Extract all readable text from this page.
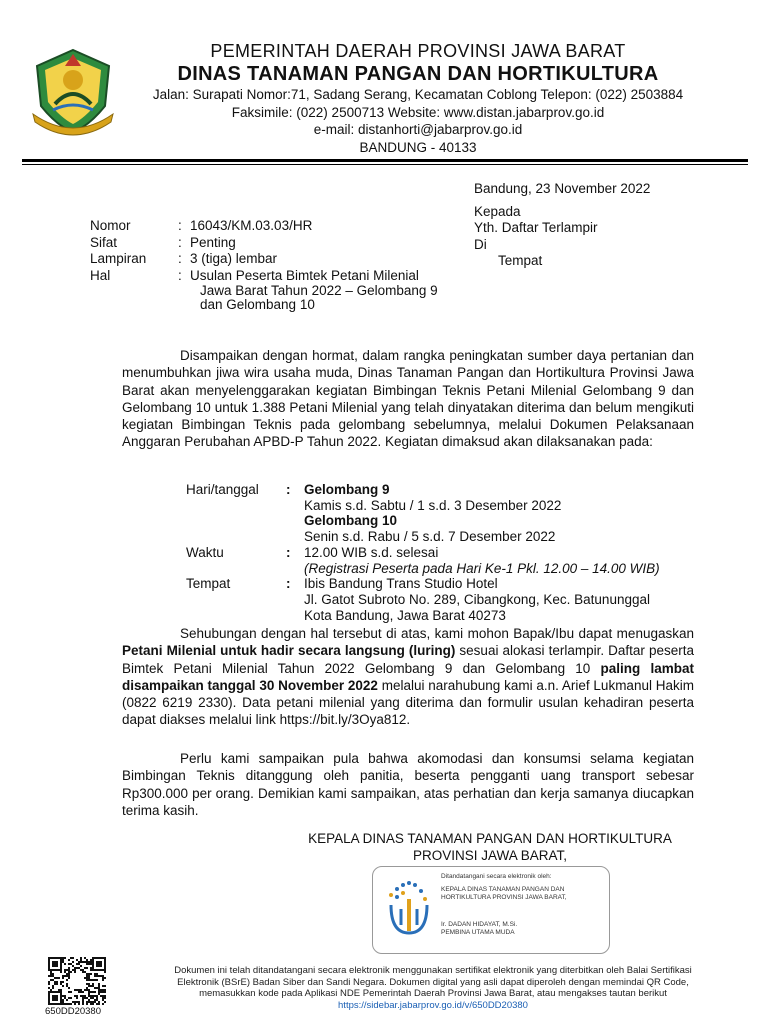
PEMERINTAH DAERAH PROVINSI JAWA BARAT
DINAS TANAMAN PANGAN DAN HORTIKULTURA
Jalan: Surapati Nomor:71, Sadang Serang, Kecamatan Coblong Telepon: (022) 2503884
Faksimile: (022) 2500713 Website: www.distan.jabarprov.go.id
e-mail: distanhorti@jabarprov.go.id
BANDUNG - 40133
Bandung, 23 November 2022
Kepada
Yth. Daftar Terlampir
Di
Tempat
Nomor	: 16043/KM.03.03/HR
Sifat	: Penting
Lampiran	: 3 (tiga) lembar
Hal	: Usulan Peserta Bimtek Petani Milenial
Jawa Barat Tahun 2022 – Gelombang 9
dan Gelombang 10
Disampaikan dengan hormat, dalam rangka peningkatan sumber daya pertanian dan menumbuhkan jiwa wira usaha muda, Dinas Tanaman Pangan dan Hortikultura Provinsi Jawa Barat akan menyelenggarakan kegiatan Bimbingan Teknis Petani Milenial Gelombang 9 dan Gelombang 10 untuk 1.388 Petani Milenial yang telah dinyatakan diterima dan belum mengikuti kegiatan Bimbingan Teknis pada gelombang sebelumnya, melalui Dokumen Pelaksanaan Anggaran Perubahan APBD-P Tahun 2022. Kegiatan dimaksud akan dilaksanakan pada:
Hari/tanggal	:	Gelombang 9
Kamis s.d. Sabtu / 1 s.d. 3 Desember 2022
Gelombang 10
Senin s.d. Rabu / 5 s.d. 7 Desember 2022
Waktu	:	12.00 WIB s.d. selesai
(Registrasi Peserta pada Hari Ke-1 Pkl. 12.00 – 14.00 WIB)
Tempat	:	Ibis Bandung Trans Studio Hotel
Jl. Gatot Subroto No. 289, Cibangkong, Kec. Batununggal
Kota Bandung, Jawa Barat 40273
Sehubungan dengan hal tersebut di atas, kami mohon Bapak/Ibu dapat menugaskan Petani Milenial untuk hadir secara langsung (luring) sesuai alokasi terlampir. Daftar peserta Bimtek Petani Milenial Tahun 2022 Gelombang 9 dan Gelombang 10 paling lambat disampaikan tanggal 30 November 2022 melalui narahubung kami a.n. Arief Lukmanul Hakim (0822 6219 2330). Data petani milenial yang diterima dan formulir usulan kehadiran peserta dapat diakses melalui link https://bit.ly/3Oya812.
Perlu kami sampaikan pula bahwa akomodasi dan konsumsi selama kegiatan Bimbingan Teknis ditanggung oleh panitia, beserta pengganti uang transport sebesar Rp300.000 per orang. Demikian kami sampaikan, atas perhatian dan kerja samanya diucapkan terima kasih.
KEPALA DINAS TANAMAN PANGAN DAN HORTIKULTURA
PROVINSI JAWA BARAT,
Ditandatangani secara elektronik oleh:
KEPALA DINAS TANAMAN PANGAN DAN
HORTIKULTURA PROVINSI JAWA BARAT,
Ir. DADAN HIDAYAT, M.Si.
PEMBINA UTAMA MUDA
650DD20380
Dokumen ini telah ditandatangani secara elektronik menggunakan sertifikat elektronik yang diterbitkan oleh Balai Sertifikasi
Elektronik (BSrE) Badan Siber dan Sandi Negara. Dokumen digital yang asli dapat diperoleh dengan memindai QR Code,
memasukkan kode pada Aplikasi NDE Pemerintah Daerah Provinsi Jawa Barat, atau mengakses tautan berikut
https://sidebar.jabarprov.go.id/v/650DD20380
